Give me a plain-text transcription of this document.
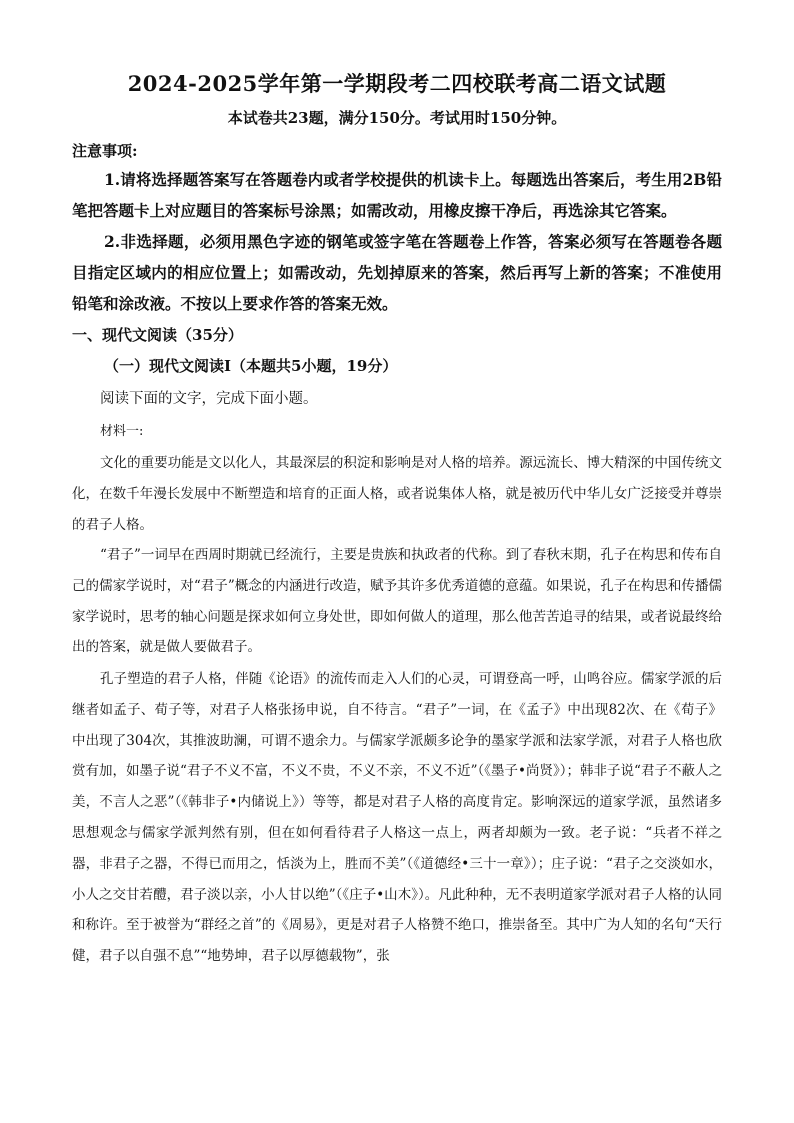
2024-2025学年第一学期段考二四校联考高二语文试题
本试卷共23题，满分150分。考试用时150分钟。
注意事项:
1.请将选择题答案写在答题卷内或者学校提供的机读卡上。每题选出答案后，考生用2B铅笔把答题卡上对应题目的答案标号涂黑；如需改动，用橡皮擦干净后，再选涂其它答案。
2.非选择题，必须用黑色字迹的钢笔或签字笔在答题卷上作答，答案必须写在答题卷各题目指定区域内的相应位置上；如需改动，先划掉原来的答案，然后再写上新的答案；不准使用铅笔和涂改液。不按以上要求作答的答案无效。
一、现代文阅读（35分）
（一）现代文阅读Ⅰ（本题共5小题，19分）
阅读下面的文字，完成下面小题。
材料一:
文化的重要功能是文以化人，其最深层的积淀和影响是对人格的培养。源远流长、博大精深的中国传统文化，在数千年漫长发展中不断塑造和培育的正面人格，或者说集体人格，就是被历代中华儿女广泛接受并尊崇的君子人格。
“君子”一词早在西周时期就已经流行，主要是贵族和执政者的代称。到了春秋末期，孔子在构思和传布自己的儒家学说时，对“君子”概念的内涵进行改造，赋予其许多优秀道德的意蕴。如果说，孔子在构思和传播儒家学说时，思考的轴心问题是探求如何立身处世，即如何做人的道理，那么他苦苦追寻的结果，或者说最终给出的答案，就是做人要做君子。
孔子塑造的君子人格，伴随《论语》的流传而走入人们的心灵，可谓登高一呼，山鸣谷应。儒家学派的后继者如孟子、荀子等，对君子人格张扬申说，自不待言。“君子”一词，在《孟子》中出现82次、在《荀子》中出现了304次，其推波助澜，可谓不遗余力。与儒家学派颇多论争的墨家学派和法家学派，对君子人格也欣赏有加，如墨子说“君子不义不富，不义不贵，不义不亲，不义不近”（《墨子•尚贤》）；韩非子说“君子不蔽人之美，不言人之恶”（《韩非子•内储说上》）等等，都是对君子人格的高度肯定。影响深远的道家学派，虽然诸多思想观念与儒家学派判然有别，但在如何看待君子人格这一点上，两者却颇为一致。老子说：“兵者不祥之器，非君子之器，不得已而用之，恬淡为上，胜而不美”（《道德经•三十一章》）；庄子说：“君子之交淡如水，小人之交甘若醴，君子淡以亲，小人甘以绝”（《庄子•山木》）。凡此种种，无不表明道家学派对君子人格的认同和称许。至于被誉为“群经之首”的《周易》，更是对君子人格赞不绝口，推崇备至。其中广为人知的名句“天行健，君子以自强不息”“地势坤，君子以厚德载物”，张
